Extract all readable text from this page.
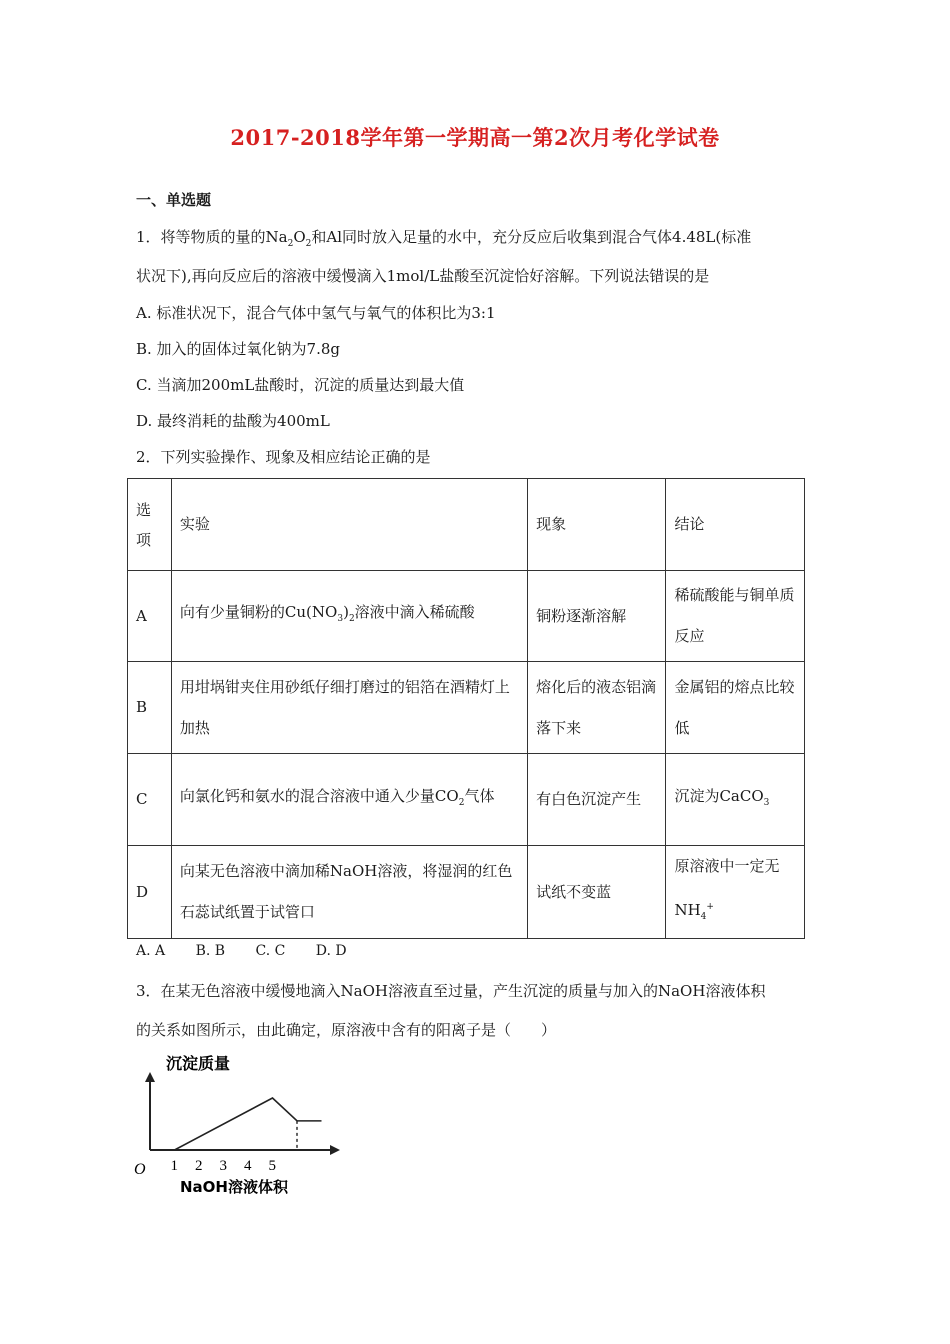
2017-2018学年第一学期高一第2次月考化学试卷
一、单选题
1．将等物质的量的$Na_2O_2$和Al同时放入足量的水中，充分反应后收集到混合气体4.48L(标准
状况下),再向反应后的溶液中缓慢滴入1mol/L盐酸至沉淀恰好溶解。下列说法错误的是
A. 标准状况下，混合气体中氢气与氧气的体积比为3:1
B. 加入的固体过氧化钠为7.8g
C. 当滴加200mL盐酸时，沉淀的质量达到最大值
D. 最终消耗的盐酸为400mL
2．下列实验操作、现象及相应结论正确的是
选项	实验	现象	结论
A	向有少量铜粉的$Cu(NO_3)_2$溶液中滴入稀硫酸	铜粉逐渐溶解	稀硫酸能与铜单质反应
B	用坩埚钳夹住用砂纸仔细打磨过的铝箔在酒精灯上加热	熔化后的液态铝滴落下来	金属铝的熔点比较低
C	向氯化钙和氨水的混合溶液中通入少量$CO_2$气体	有白色沉淀产生	沉淀为CaCO$_3$
D	向某无色溶液中滴加稀NaOH溶液，将湿润的红色石蕊试纸置于试管口	试纸不变蓝	原溶液中一定无$NH_4^+$
A. A B. B C. C D. D
3．在某无色溶液中缓慢地滴入NaOH溶液直至过量，产生沉淀的质量与加入的NaOH溶液体积
的关系如图所示，由此确定，原溶液中含有的阳离子是（　　）
沉淀质量
O 1 2 3 4 5
NaOH溶液体积
